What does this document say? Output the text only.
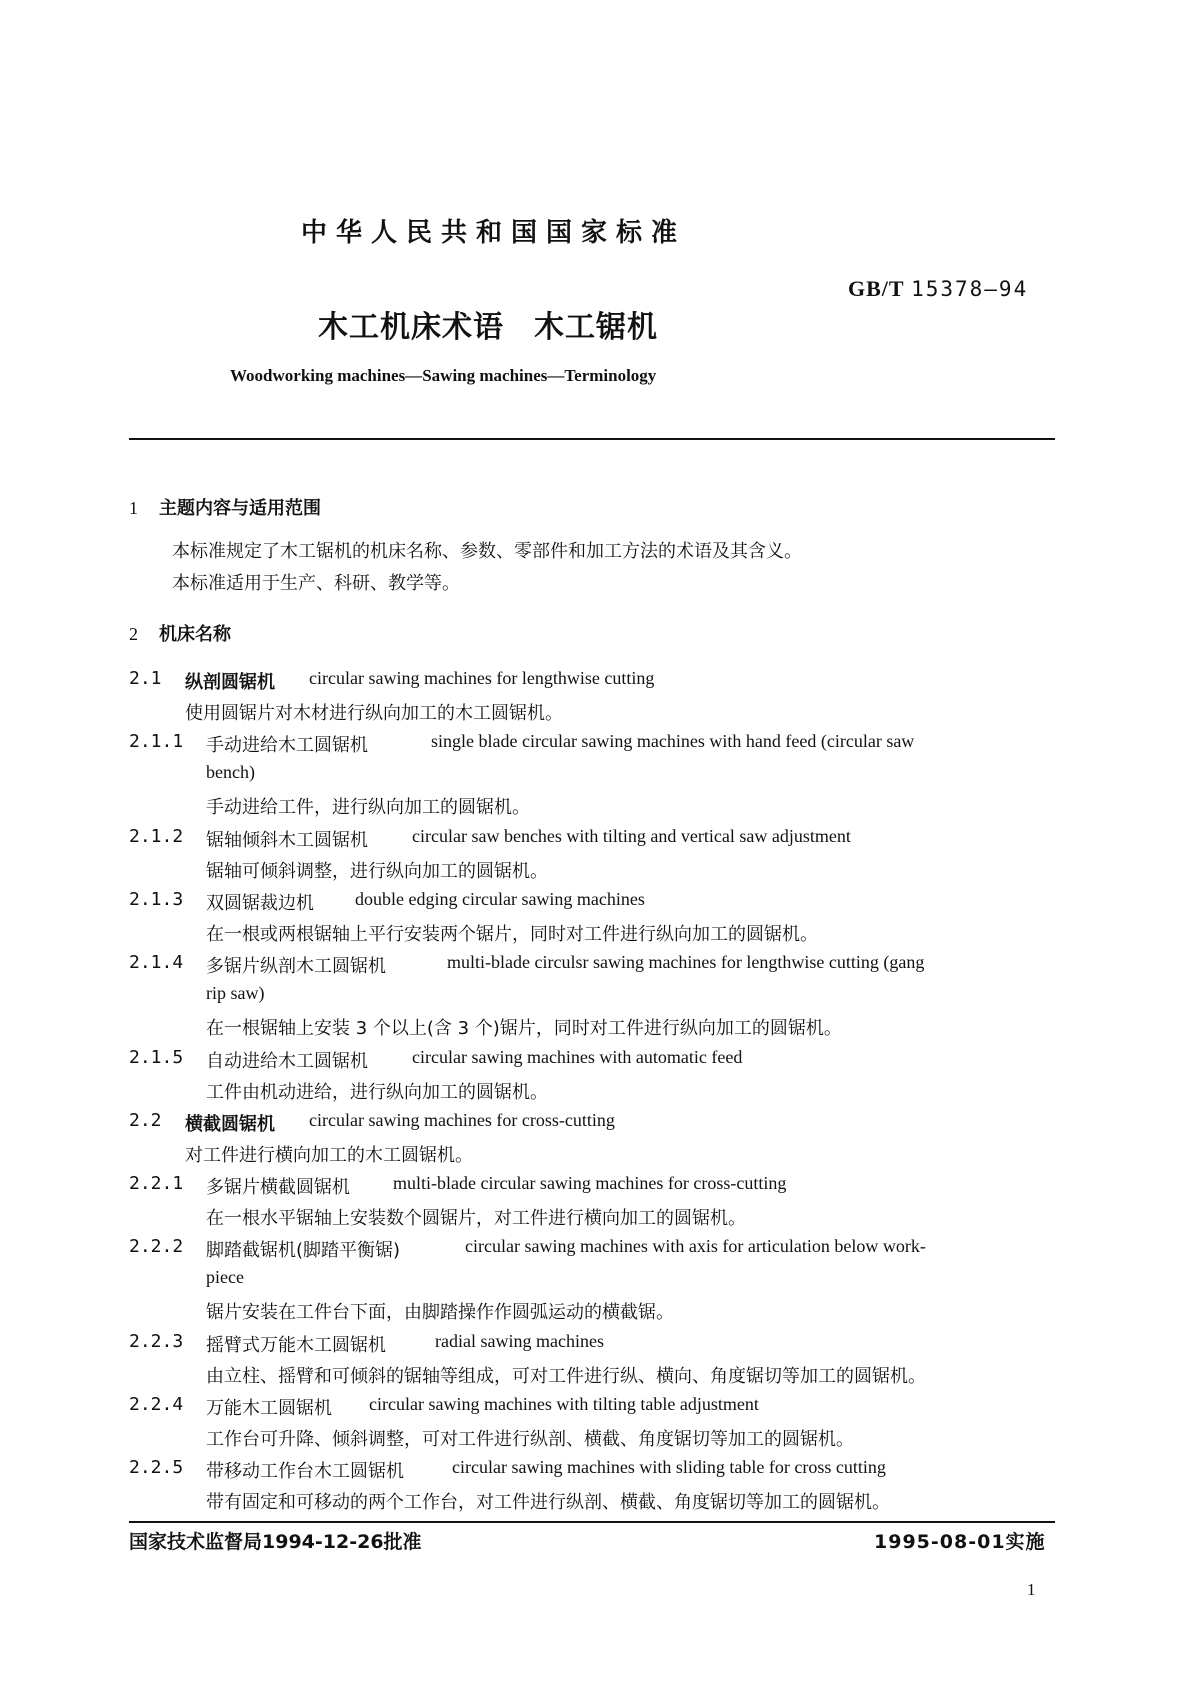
中华人民共和国国家标准
GB/T 15378—94
木工机床术语 木工锯机
Woodworking machines—Sawing machines—Terminology
1 主题内容与适用范围
本标准规定了木工锯机的机床名称、参数、零部件和加工方法的术语及其含义。
本标准适用于生产、科研、教学等。
2 机床名称
2.1 纵剖圆锯机 circular sawing machines for lengthwise cutting
使用圆锯片对木材进行纵向加工的木工圆锯机。
2.1.1 手动进给木工圆锯机	single blade circular sawing machines with hand feed (circular saw
bench)
手动进给工件，进行纵向加工的圆锯机。
2.1.2 锯轴倾斜木工圆锯机 circular saw benches with tilting and vertical saw adjustment
锯轴可倾斜调整，进行纵向加工的圆锯机。
2.1.3 双圆锯裁边机 double edging circular sawing machines
在一根或两根锯轴上平行安装两个锯片，同时对工件进行纵向加工的圆锯机。
2.1.4 多锯片纵剖木工圆锯机	multi-blade circulsr sawing machines for lengthwise cutting (gang
rip saw)
在一根锯轴上安装 3 个以上(含 3 个)锯片，同时对工件进行纵向加工的圆锯机。
2.1.5 自动进给木工圆锯机 circular sawing machines with automatic feed
工件由机动进给，进行纵向加工的圆锯机。
2.2 横截圆锯机 circular sawing machines for cross-cutting
对工件进行横向加工的木工圆锯机。
2.2.1 多锯片横截圆锯机 multi-blade circular sawing machines for cross-cutting
在一根水平锯轴上安装数个圆锯片，对工件进行横向加工的圆锯机。
2.2.2 脚踏截锯机(脚踏平衡锯)	circular sawing machines with axis for articulation below work-
piece
锯片安装在工件台下面，由脚踏操作作圆弧运动的横截锯。
2.2.3 摇臂式万能木工圆锯机	radial sawing machines
由立柱、摇臂和可倾斜的锯轴等组成，可对工件进行纵、横向、角度锯切等加工的圆锯机。
2.2.4 万能木工圆锯机 circular sawing machines with tilting table adjustment
工作台可升降、倾斜调整，可对工件进行纵剖、横截、角度锯切等加工的圆锯机。
2.2.5 带移动工作台木工圆锯机	circular sawing machines with sliding table for cross cutting
带有固定和可移动的两个工作台，对工件进行纵剖、横截、角度锯切等加工的圆锯机。
国家技术监督局1994-12-26批准	1995-08-01实施
1
